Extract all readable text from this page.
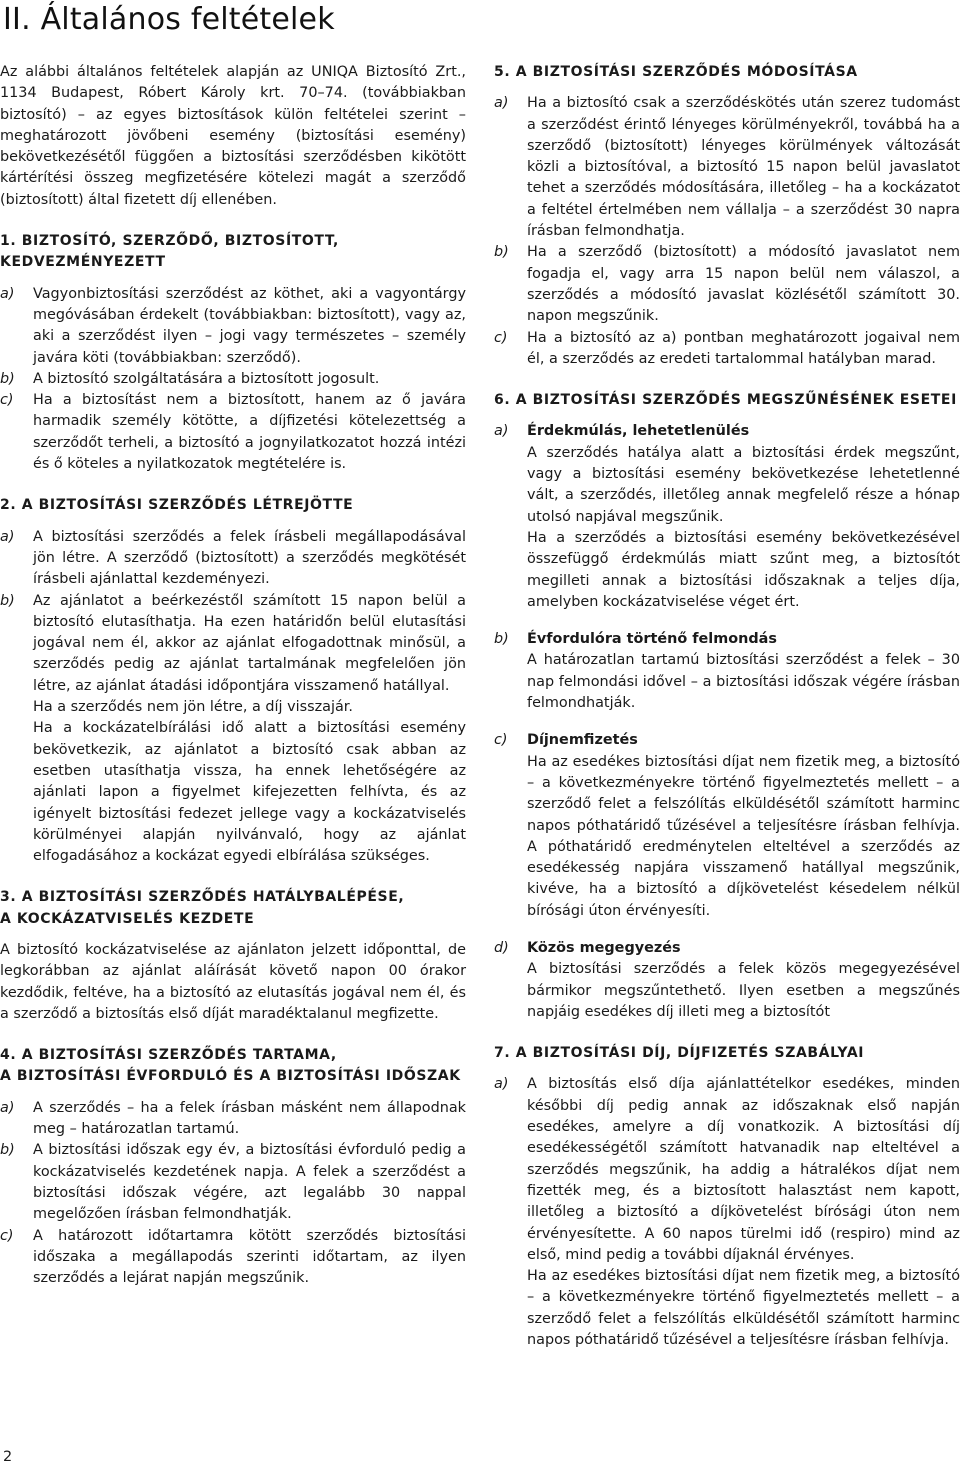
II. Általános feltételek

Az alábbi általános feltételek alapján az UNIQA Biztosító Zrt., 1134 Budapest, Róbert Károly krt. 70–74. (továbbiakban biztosító) – az egyes biztosítások külön feltételei szerint – meghatározott jövőbeni esemény (biztosítási esemény) bekövetkezésétől függően a biztosítási szerződésben kikötött kártérítési összeg megfizetésére kötelezi magát a szerződő (biztosított) által fizetett díj ellenében.

1. BIZTOSÍTÓ, SZERZŐDŐ, BIZTOSÍTOTT,
KEDVEZMÉNYEZETT
a)	Vagyonbiztosítási szerződést az köthet, aki a vagyontárgy megóvásában érdekelt (továbbiakban: biztosított), vagy az, aki a szerződést ilyen – jogi vagy természetes – személy javára köti (továbbiakban: szerződő).
b)	A biztosító szolgáltatására a biztosított jogosult.
c)	Ha a biztosítást nem a biztosított, hanem az ő javára harmadik személy kötötte, a díjfizetési kötelezettség a szerződőt terheli, a biztosító a jognyilatkozatot hozzá intézi és ő köteles a nyilatkozatok megtételére is.
2. A BIZTOSÍTÁSI SZERZŐDÉS LÉTREJÖTTE
a)	A biztosítási szerződés a felek írásbeli megállapodásával jön létre. A szerződő (biztosított) a szerződés megkötését írásbeli ajánlattal kezdeményezi.
b)	Az ajánlatot a beérkezéstől számított 15 napon belül a biztosító elutasíthatja. Ha ezen határidőn belül elutasítási jogával nem él, akkor az ajánlat elfogadottnak minősül, a szerződés pedig az ajánlat tartalmának megfelelően jön létre, az ajánlat átadási időpontjára visszamenő hatállyal.
Ha a szerződés nem jön létre, a díj visszajár.
Ha a kockázatelbírálási idő alatt a biztosítási esemény bekövetkezik, az ajánlatot a biztosító csak abban az esetben utasíthatja vissza, ha ennek lehetőségére az ajánlati lapon a figyelmet kifejezetten felhívta, és az igényelt biztosítási fedezet jellege vagy a kockázatviselés körülményei alapján nyilvánvaló, hogy az ajánlat elfogadásához a kockázat egyedi elbírálása szükséges.
3. A BIZTOSÍTÁSI SZERZŐDÉS HATÁLYBALÉPÉSE,
A KOCKÁZATVISELÉS KEZDETE

A biztosító kockázatviselése az ajánlaton jelzett időponttal, de legkorábban az ajánlat aláírását követő napon 00 órakor kezdődik, feltéve, ha a biztosító az elutasítás jogával nem él, és a szerződő a biztosítás első díját maradéktalanul megfizette.

4. A BIZTOSÍTÁSI SZERZŐDÉS TARTAMA,
A BIZTOSÍTÁSI ÉVFORDULÓ ÉS A BIZTOSÍTÁSI IDŐSZAK
a)	A szerződés – ha a felek írásban másként nem állapodnak meg – határozatlan tartamú.
b)	A biztosítási időszak egy év, a biztosítási évforduló pedig a kockázatviselés kezdetének napja. A felek a szerződést a biztosítási időszak végére, azt legalább 30 nappal megelőzően írásban felmondhatják.
c)	A határozott időtartamra kötött szerződés biztosítási időszaka a megállapodás szerinti időtartam, az ilyen szerződés a lejárat napján megszűnik.
5. A BIZTOSÍTÁSI SZERZŐDÉS MÓDOSÍTÁSA
a)	Ha a biztosító csak a szerződéskötés után szerez tudomást a szerződést érintő lényeges körülményekről, továbbá ha a szerződő (biztosított) lényeges körülmények változását közli a biztosítóval, a biztosító 15 napon belül javaslatot tehet a szerződés módosítására, illetőleg – ha a kockázatot a feltétel értelmében nem vállalja – a szerződést 30 napra írásban felmondhatja.
b)	Ha a szerződő (biztosított) a módosító javaslatot nem fogadja el, vagy arra 15 napon belül nem válaszol, a szerződés a módosító javaslat közlésétől számított 30. napon megszűnik.
c)	Ha a biztosító az a) pontban meghatározott jogaival nem él, a szerződés az eredeti tartalommal hatályban marad.
6. A BIZTOSÍTÁSI SZERZŐDÉS MEGSZŰNÉSÉNEK ESETEI
a)	Érdekmúlás, lehetetlenülés
A szerződés hatálya alatt a biztosítási érdek megszűnt, vagy a biztosítási esemény bekövetkezése lehetetlenné vált, a szerződés, illetőleg annak megfelelő része a hónap utolsó napjával megszűnik.
Ha a szerződés a biztosítási esemény bekövetkezésével összefüggő érdekmúlás miatt szűnt meg, a biztosítót megilleti annak a biztosítási időszaknak a teljes díja, amelyben kockázatviselése véget ért.
b)	Évfordulóra történő felmondás
A határozatlan tartamú biztosítási szerződést a felek – 30 nap felmondási idővel – a biztosítási időszak végére írásban felmondhatják.
c)	Díjnemfizetés
Ha az esedékes biztosítási díjat nem fizetik meg, a biztosító – a következményekre történő figyelmeztetés mellett – a szerződő felet a felszólítás elküldésétől számított harminc napos póthatáridő tűzésével a teljesítésre írásban felhívja. A póthatáridő eredménytelen elteltével a szerződés az esedékesség napjára visszamenő hatállyal megszűnik, kivéve, ha a biztosító a díjkövetelést késedelem nélkül bírósági úton érvényesíti.
d)	Közös megegyezés
A biztosítási szerződés a felek közös megegyezésével bármikor megszűntethető. Ilyen esetben a megszűnés napjáig esedékes díj illeti meg a biztosítót
7. A BIZTOSÍTÁSI DÍJ, DÍJFIZETÉS SZABÁLYAI
a)	A biztosítás első díja ajánlattételkor esedékes, minden későbbi díj pedig annak az időszaknak első napján esedékes, amelyre a díj vonatkozik. A biztosítási díj esedékességétől számított hatvanadik nap elteltével a szerződés megszűnik, ha addig a hátralékos díjat nem fizették meg, és a biztosított halasztást nem kapott, illetőleg a biztosító a díjkövetelést bírósági úton nem érvényesítette. A 60 napos türelmi idő (respiro) mind az első, mind pedig a további díjaknál érvényes.
Ha az esedékes biztosítási díjat nem fizetik meg, a biztosító – a következményekre történő figyelmeztetés mellett – a szerződő felet a felszólítás elküldésétől számított harminc napos póthatáridő tűzésével a teljesítésre írásban felhívja.
2
